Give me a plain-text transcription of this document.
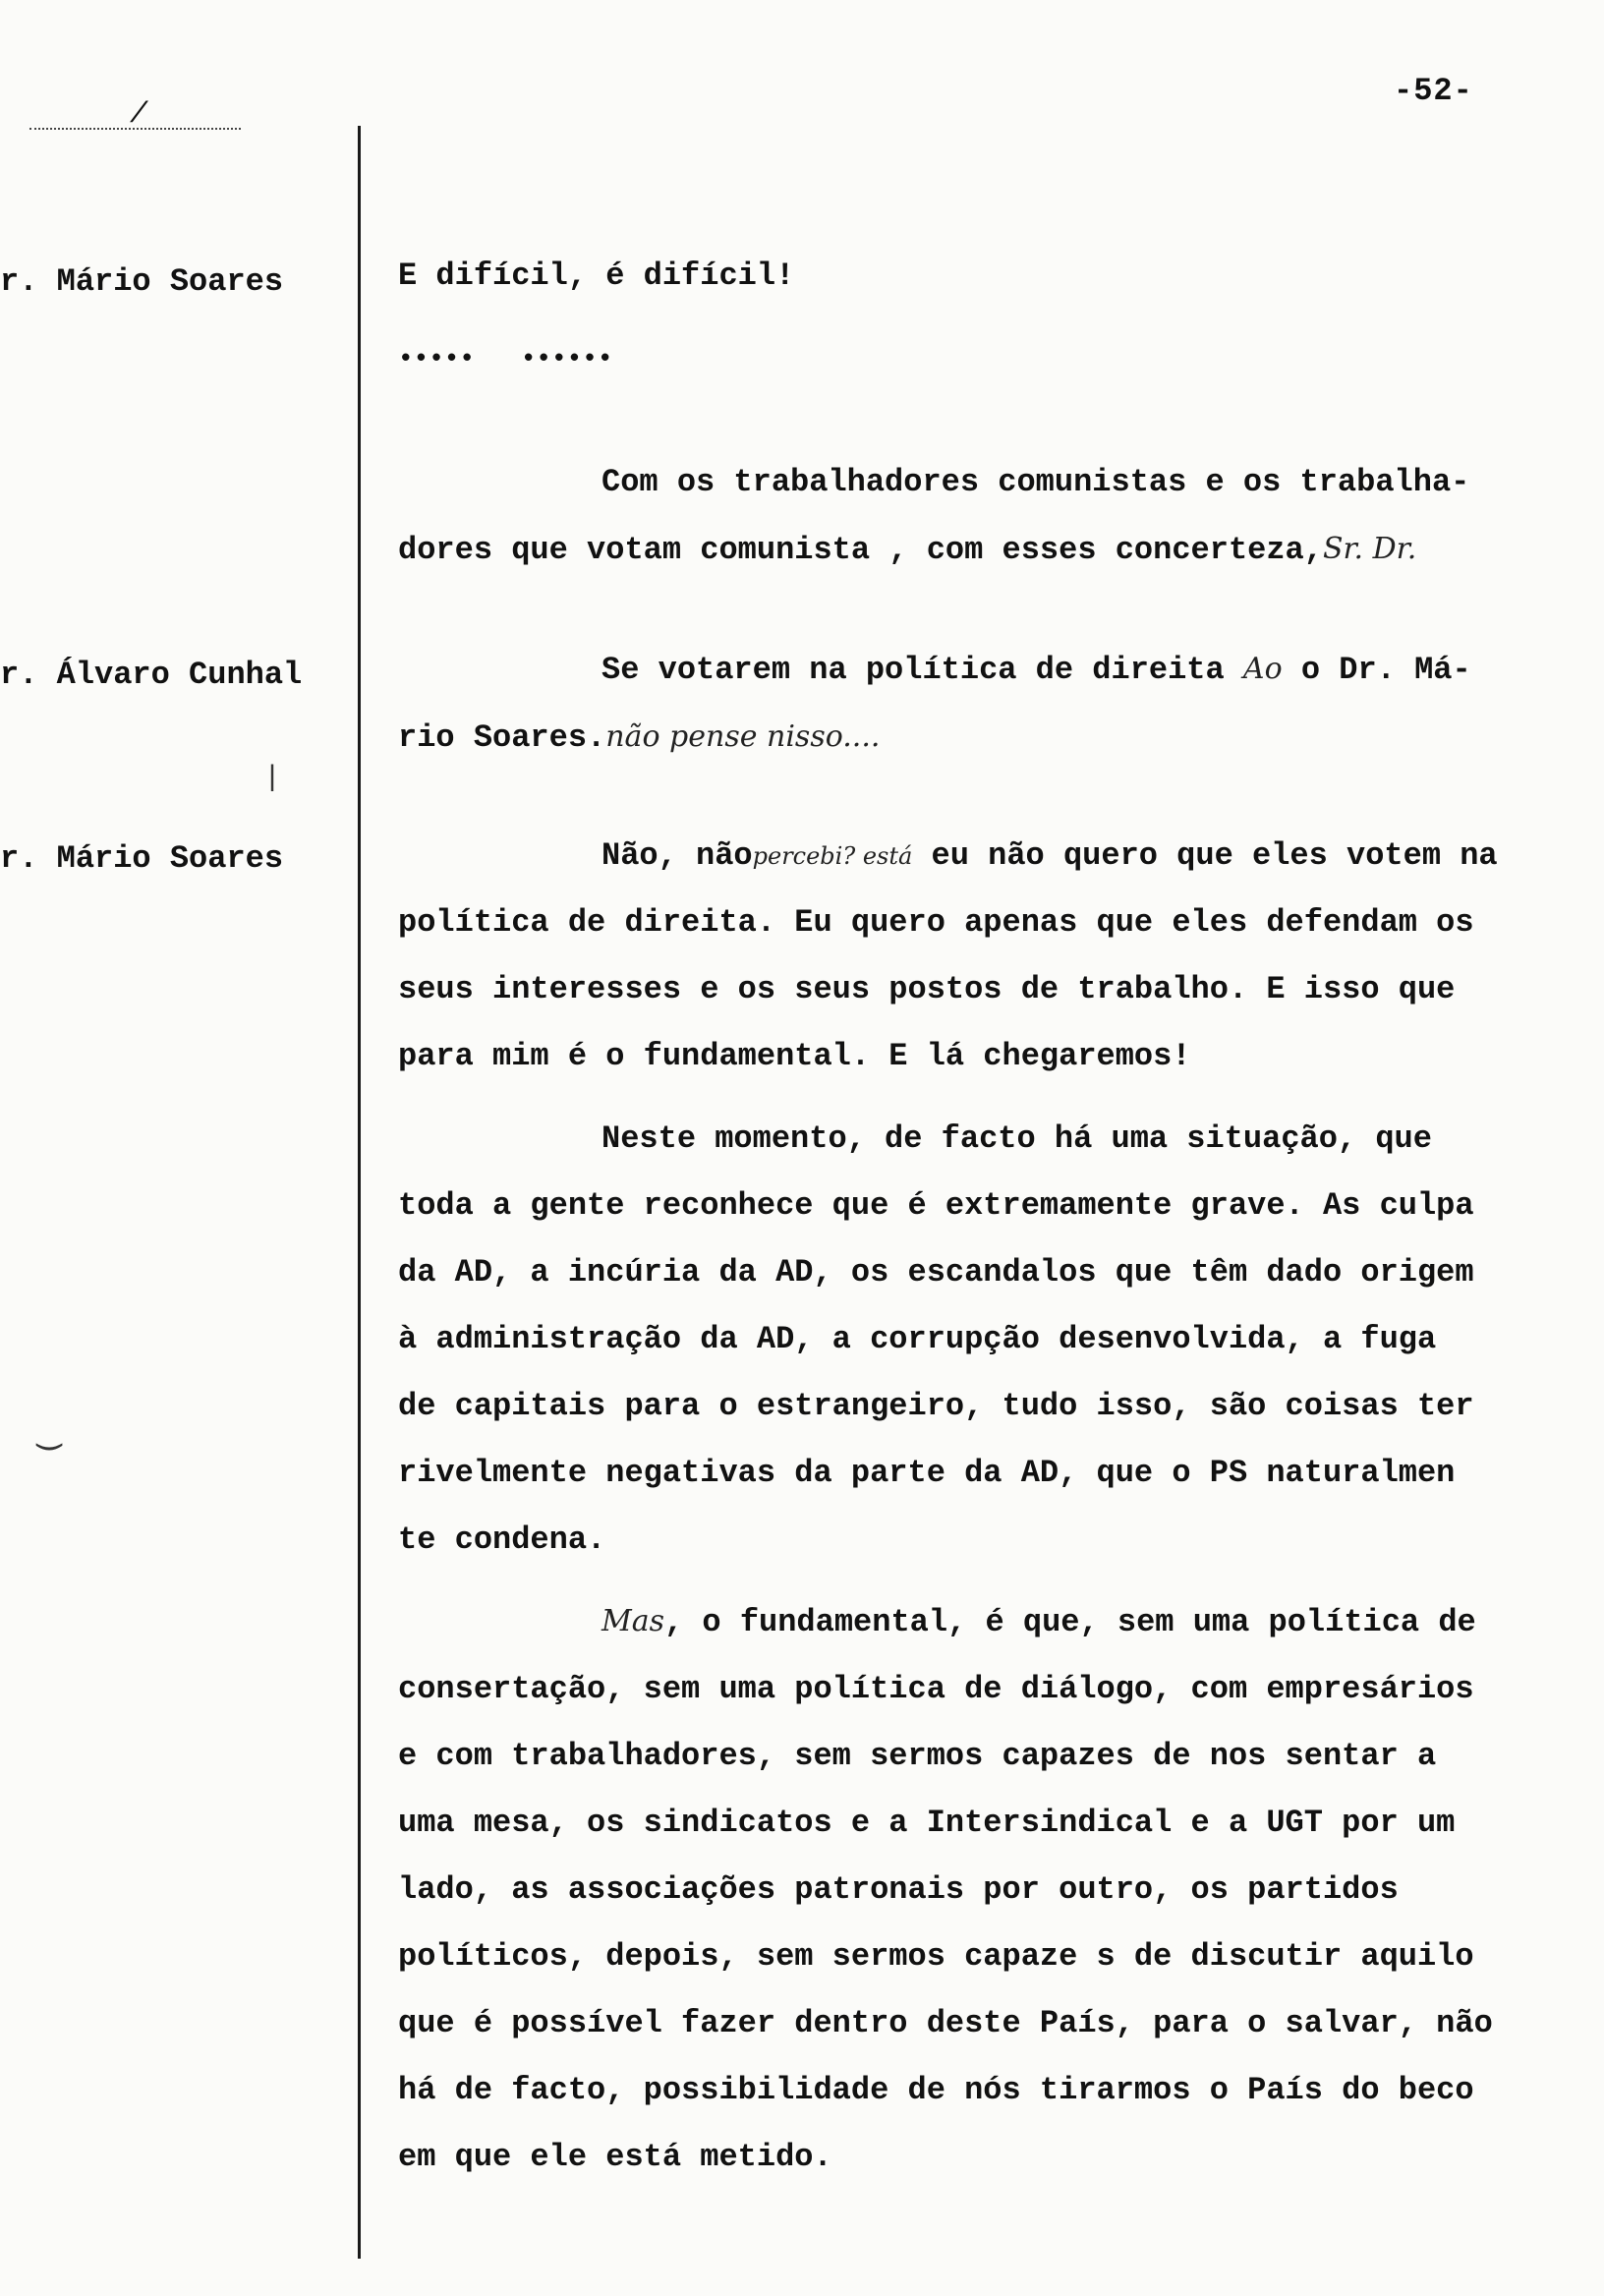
/
-52-
r. Mário Soares
r. Álvaro Cunhal
r. Mário Soares
|
‿
E difícil, é difícil!
•••••   ••••••
Com os trabalhadores comunistas e os trabalha-
dores que votam comunista , com esses concerteza,Sr. Dr.
Se votarem na política de direita Ao o Dr. Má-
rio Soares.não pense nisso....
Não, nãopercebi? está eu não quero que eles votem na
política de direita. Eu quero apenas que eles defendam os
seus interesses e os seus postos de trabalho. E isso que
para mim é o fundamental. E lá chegaremos!
Neste momento, de facto há uma situação, que
toda a gente reconhece que é extremamente grave. As culpa
da AD, a incúria da AD, os escandalos que têm dado origem
à administração da AD, a corrupção desenvolvida, a fuga
de capitais para o estrangeiro, tudo isso, são coisas ter
rivelmente negativas da parte da AD, que o PS naturalmen
te condena.
Mas, o fundamental, é que, sem uma política de
consertação, sem uma política de diálogo, com empresários
e com trabalhadores, sem sermos capazes de nos sentar a
uma mesa, os sindicatos e a Intersindical e a UGT por um
lado, as associações patronais por outro, os partidos
políticos, depois, sem sermos capaze s de discutir aquilo
que é possível fazer dentro deste País, para o salvar, não
há de facto, possibilidade de nós tirarmos o País do beco
em que ele está metido.
